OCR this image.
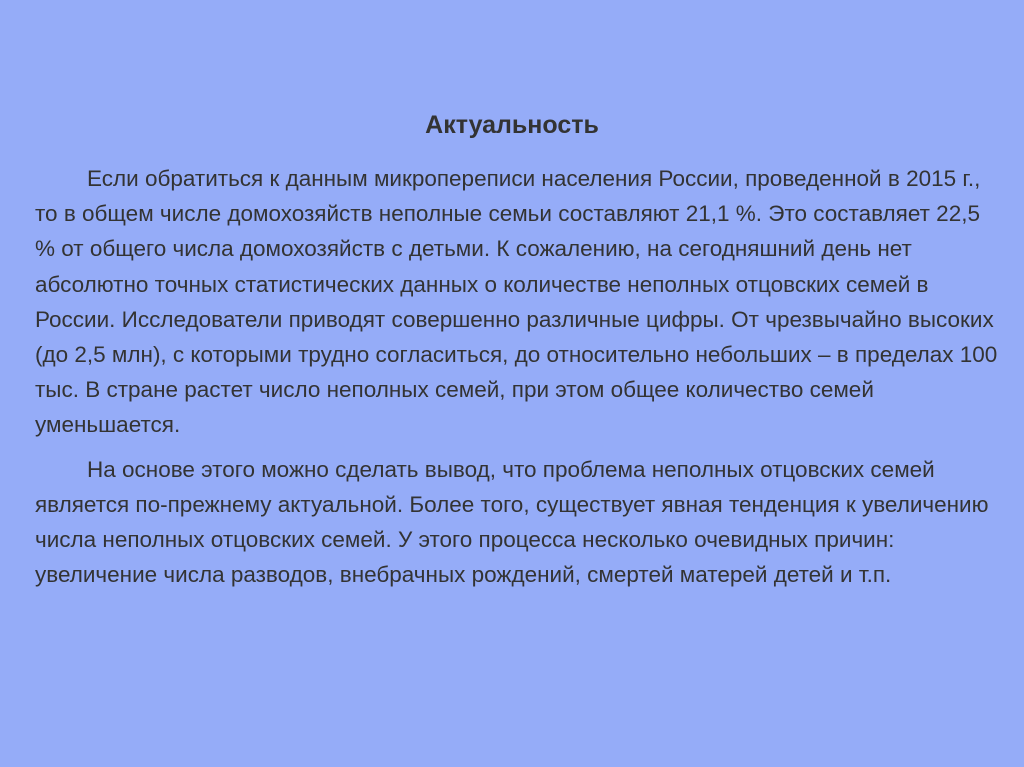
Актуальность

Если обратиться к данным микропереписи населения России, проведенной в 2015 г., то в общем числе домохозяйств неполные семьи составляют 21,1 %. Это составляет 22,5 % от общего числа домохозяйств с детьми. К сожалению, на сегодняшний день нет абсолютно точных статистических данных о количестве неполных отцовских семей в России. Исследователи приводят совершенно различные цифры. От чрезвычайно высоких (до 2,5 млн), с которыми трудно согласиться, до относительно небольших – в пределах 100 тыс. В стране растет число неполных семей, при этом общее количество семей уменьшается.

На основе этого можно сделать вывод, что проблема неполных отцовских семей является по-прежнему актуальной. Более того, существует явная тенденция к увеличению числа неполных отцовских семей. У этого процесса несколько очевидных причин: увеличение числа разводов, внебрачных рождений, смертей матерей детей и т.п.
